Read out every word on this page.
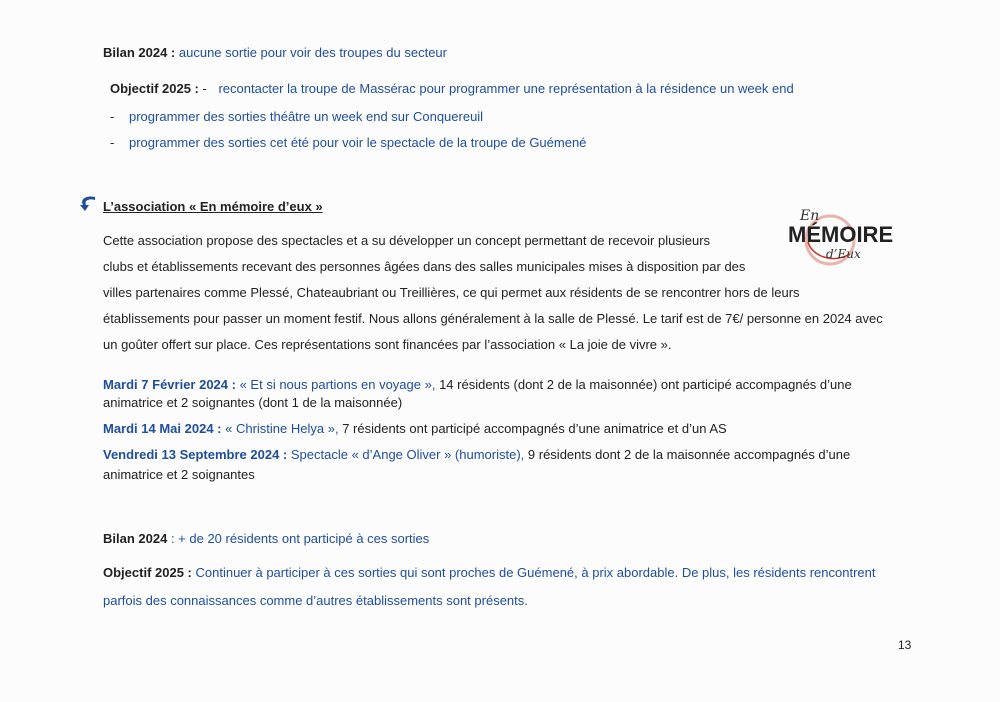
Bilan 2024 : aucune sortie pour voir des troupes du secteur
Objectif 2025 : - recontacter la troupe de Massérac pour programmer une représentation à la résidence un week end
- programmer des sorties théâtre un week end sur Conquereuil
- programmer des sorties cet été pour voir le spectacle de la troupe de Guémené
L’association « En mémoire d’eux »
En
MÉMOIRE
d’Eux
Cette association propose des spectacles et a su développer un concept permettant de recevoir plusieurs
clubs et établissements recevant des personnes âgées dans des salles municipales mises à disposition par des
villes partenaires comme Plessé, Chateaubriant ou Treillières, ce qui permet aux résidents de se rencontrer hors de leurs
établissements pour passer un moment festif. Nous allons généralement à la salle de Plessé. Le tarif est de 7€/ personne en 2024 avec
un goûter offert sur place. Ces représentations sont financées par l’association « La joie de vivre ».
Mardi 7 Février 2024 : « Et si nous partions en voyage », 14 résidents (dont 2 de la maisonnée) ont participé accompagnés d’une
animatrice et 2 soignantes (dont 1 de la maisonnée)
Mardi 14 Mai 2024 : « Christine Helya », 7 résidents ont participé accompagnés d’une animatrice et d’un AS
Vendredi 13 Septembre 2024 : Spectacle « d’Ange Oliver » (humoriste), 9 résidents dont 2 de la maisonnée accompagnés d’une
animatrice et 2 soignantes
Bilan 2024 : + de 20 résidents ont participé à ces sorties
Objectif 2025 : Continuer à participer à ces sorties qui sont proches de Guémené, à prix abordable. De plus, les résidents rencontrent
parfois des connaissances comme d’autres établissements sont présents.
13
